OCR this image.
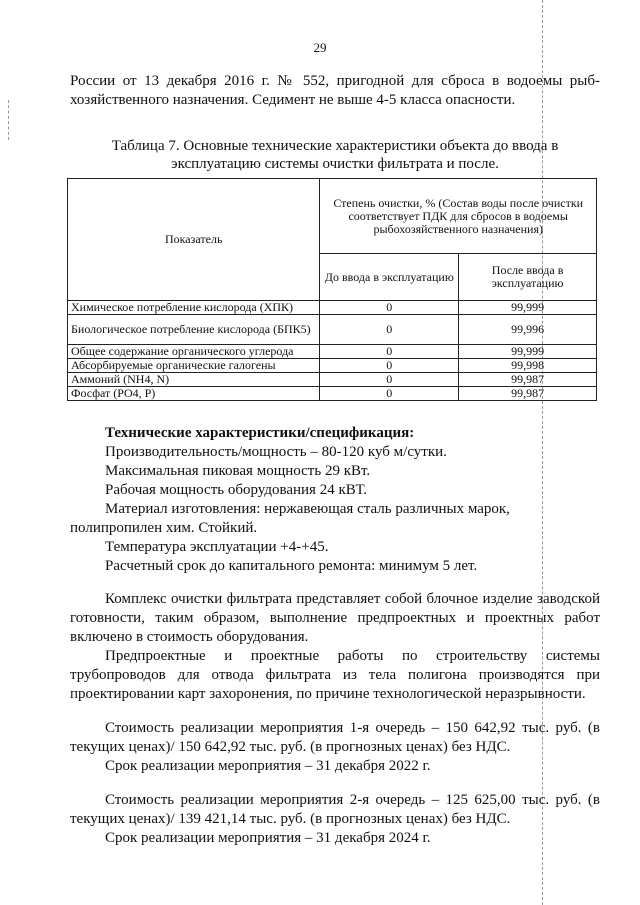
29
России от 13 декабря 2016 г. № 552, пригодной для сброса в водоемы рыб-
хозяйственного назначения. Седимент не выше 4-5 класса опасности.
Таблица 7. Основные технические характеристики объекта до ввода в
эксплуатацию системы очистки фильтрата и после.
Показатель	Степень очистки, % (Состав воды после очистки соответствует ПДК для сбросов в водоемы рыбохозяйственного назначения)	
	До ввода в эксплуатацию	После ввода в эксплуатацию
Химическое потребление кислорода (ХПК)	0	99,999
Биологическое потребление кислорода (БПК5)	0	99,996
Общее содержание органического углерода	0	99,999
Абсорбируемые органические галогены	0	99,998
Аммоний (NH4, N)	0	99,987
Фосфат (PO4, P)	0	99,987
Технические характеристики/спецификация:
Производительность/мощность – 80-120 куб м/сутки.
Максимальная пиковая мощность 29 кВт.
Рабочая мощность оборудования 24 кВТ.
Материал изготовления: нержавеющая сталь различных марок,
полипропилен хим. Стойкий.
Температура эксплуатации +4-+45.
Расчетный срок до капитального ремонта: минимум 5 лет.
Комплекс очистки фильтрата представляет собой блочное изделие заводской
готовности, таким образом, выполнение предпроектных и проектных работ
включено в стоимость оборудования.
Предпроектные и проектные работы по строительству системы
трубопроводов для отвода фильтрата из тела полигона производятся при
проектировании карт захоронения, по причине технологической неразрывности.
Стоимость реализации мероприятия 1-я очередь – 150 642,92 тыс. руб. (в
текущих ценах)/ 150 642,92 тыс. руб. (в прогнозных ценах) без НДС.
Срок реализации мероприятия – 31 декабря 2022 г.
Стоимость реализации мероприятия 2-я очередь – 125 625,00 тыс. руб. (в
текущих ценах)/ 139 421,14 тыс. руб. (в прогнозных ценах) без НДС.
Срок реализации мероприятия – 31 декабря 2024 г.
